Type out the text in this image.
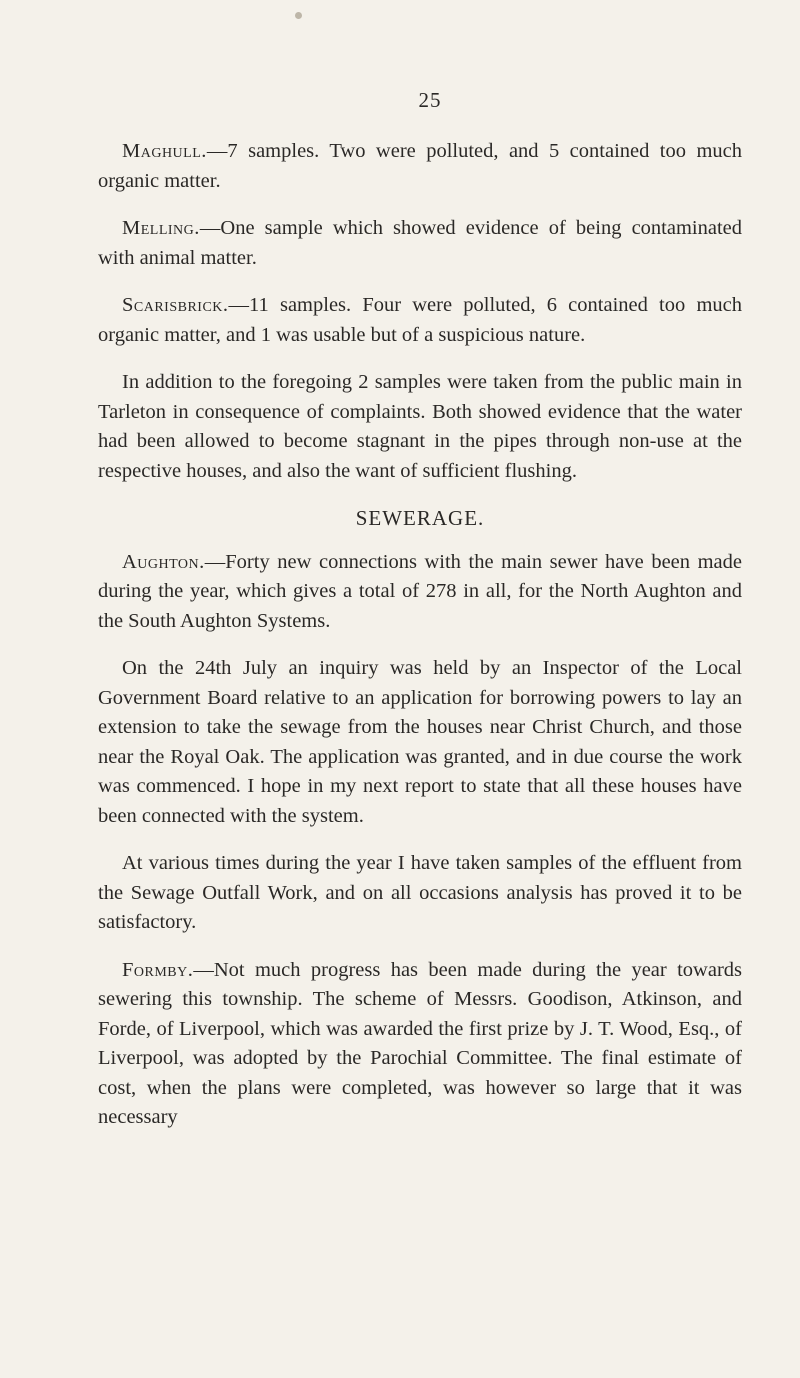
25

Maghull.—7 samples. Two were polluted, and 5 contained too much organic matter.

Melling.—One sample which showed evidence of being contaminated with animal matter.

Scarisbrick.—11 samples. Four were polluted, 6 contained too much organic matter, and 1 was usable but of a suspicious nature.

In addition to the foregoing 2 samples were taken from the public main in Tarleton in consequence of complaints. Both showed evidence that the water had been allowed to become stagnant in the pipes through non-use at the respective houses, and also the want of sufficient flushing.

SEWERAGE.

Aughton.—Forty new connections with the main sewer have been made during the year, which gives a total of 278 in all, for the North Aughton and the South Aughton Systems.

On the 24th July an inquiry was held by an Inspector of the Local Government Board relative to an application for borrowing powers to lay an extension to take the sewage from the houses near Christ Church, and those near the Royal Oak. The application was granted, and in due course the work was commenced. I hope in my next report to state that all these houses have been connected with the system.

At various times during the year I have taken samples of the effluent from the Sewage Outfall Work, and on all occasions analysis has proved it to be satisfactory.

Formby.—Not much progress has been made during the year towards sewering this township. The scheme of Messrs. Goodison, Atkinson, and Forde, of Liverpool, which was awarded the first prize by J. T. Wood, Esq., of Liverpool, was adopted by the Parochial Committee. The final estimate of cost, when the plans were completed, was however so large that it was necessary
